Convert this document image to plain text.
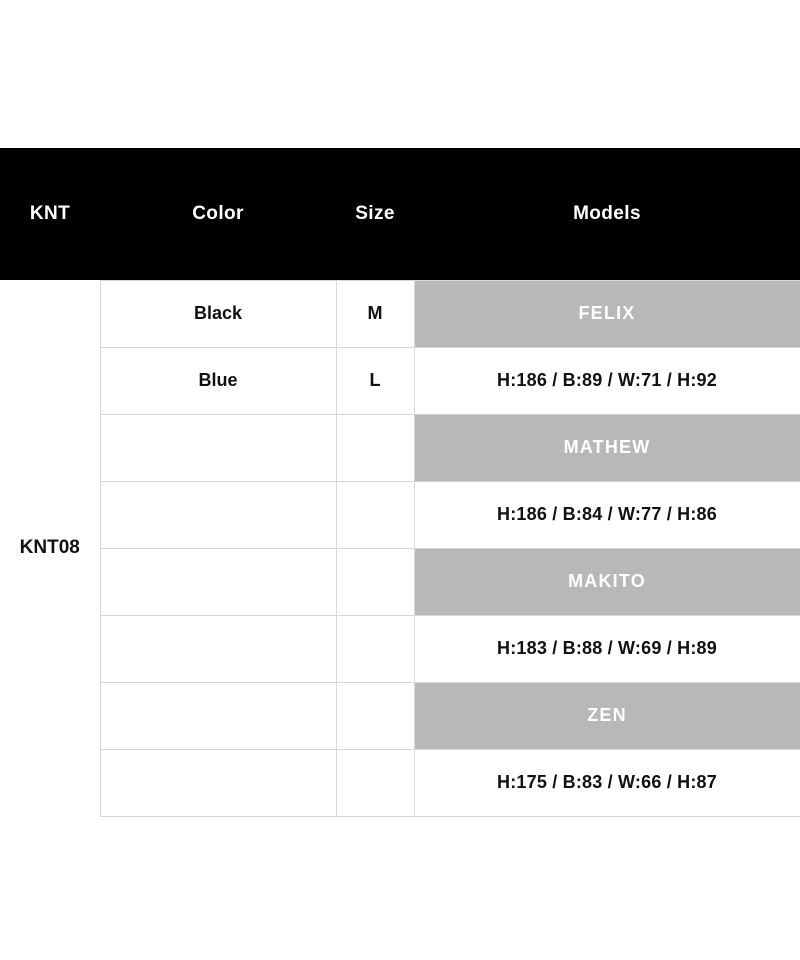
KNT	Color	Size	Models
KNT08	Black	M	FELIX
	Blue	L	H:186 / B:89 / W:71 / H:92
			MATHEW
			H:186 / B:84 / W:77 / H:86
			MAKITO
			H:183 / B:88 / W:69 / H:89
			ZEN
			H:175 / B:83 / W:66 / H:87
